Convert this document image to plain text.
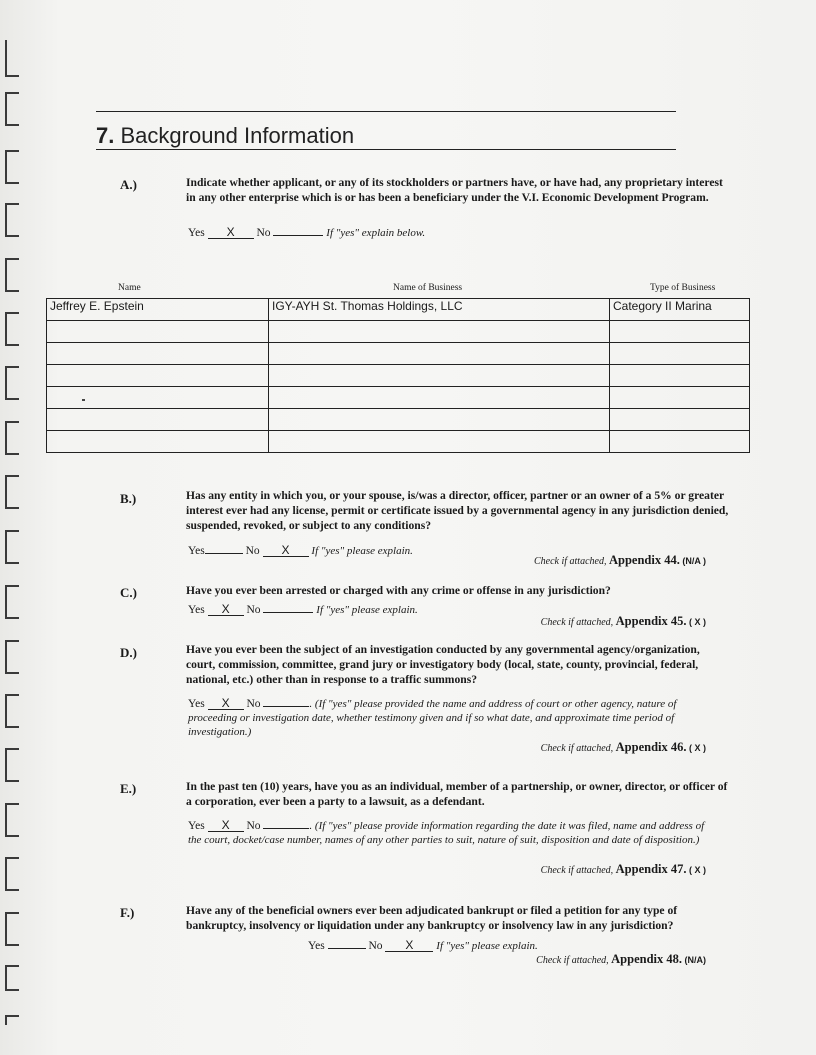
7. Background Information
A.)	Indicate whether applicant, or any of its stockholders or partners have, or have had, any proprietary interest in any other enterprise which is or has been a beneficiary under the V.I. Economic Development Program.
Yes X No	If "yes" explain below.
Name	Name of Business	Type of Business
Jeffrey E. Epstein	IGY-AYH St. Thomas Holdings, LLC	Category II Marina

B.)	Has any entity in which you, or your spouse, is/was a director, officer, partner or an owner of a 5% or greater interest ever had any license, permit or certificate issued by a governmental agency in any jurisdiction denied, suspended, revoked, or subject to any conditions?
Yes	No X If "yes" please explain.
Check if attached, Appendix 44. (N/A )
C.)	Have you ever been arrested or charged with any crime or offense in any jurisdiction?
Yes X No	If "yes" please explain.
Check if attached, Appendix 45. ( X )
D.)	Have you ever been the subject of an investigation conducted by any governmental agency/organization, court, commission, committee, grand jury or investigatory body (local, state, county, provincial, federal, national, etc.) other than in response to a traffic summons?
Yes X No	. (If "yes" please provided the name and address of court or other agency, nature of proceeding or investigation date, whether testimony given and if so what date, and approximate time period of investigation.)
Check if attached, Appendix 46. ( X )
E.)	In the past ten (10) years, have you as an individual, member of a partnership, or owner, director, or officer of a corporation, ever been a party to a lawsuit, as a defendant.
Yes X No	. (If "yes" please provide information regarding the date it was filed, name and address of the court, docket/case number, names of any other parties to suit, nature of suit, disposition and date of disposition.)
Check if attached, Appendix 47. ( X )
F.)	Have any of the beneficial owners ever been adjudicated bankrupt or filed a petition for any type of bankruptcy, insolvency or liquidation under any bankruptcy or insolvency law in any jurisdiction?
Yes	No X If "yes" please explain.
Check if attached, Appendix 48. (N/A)
